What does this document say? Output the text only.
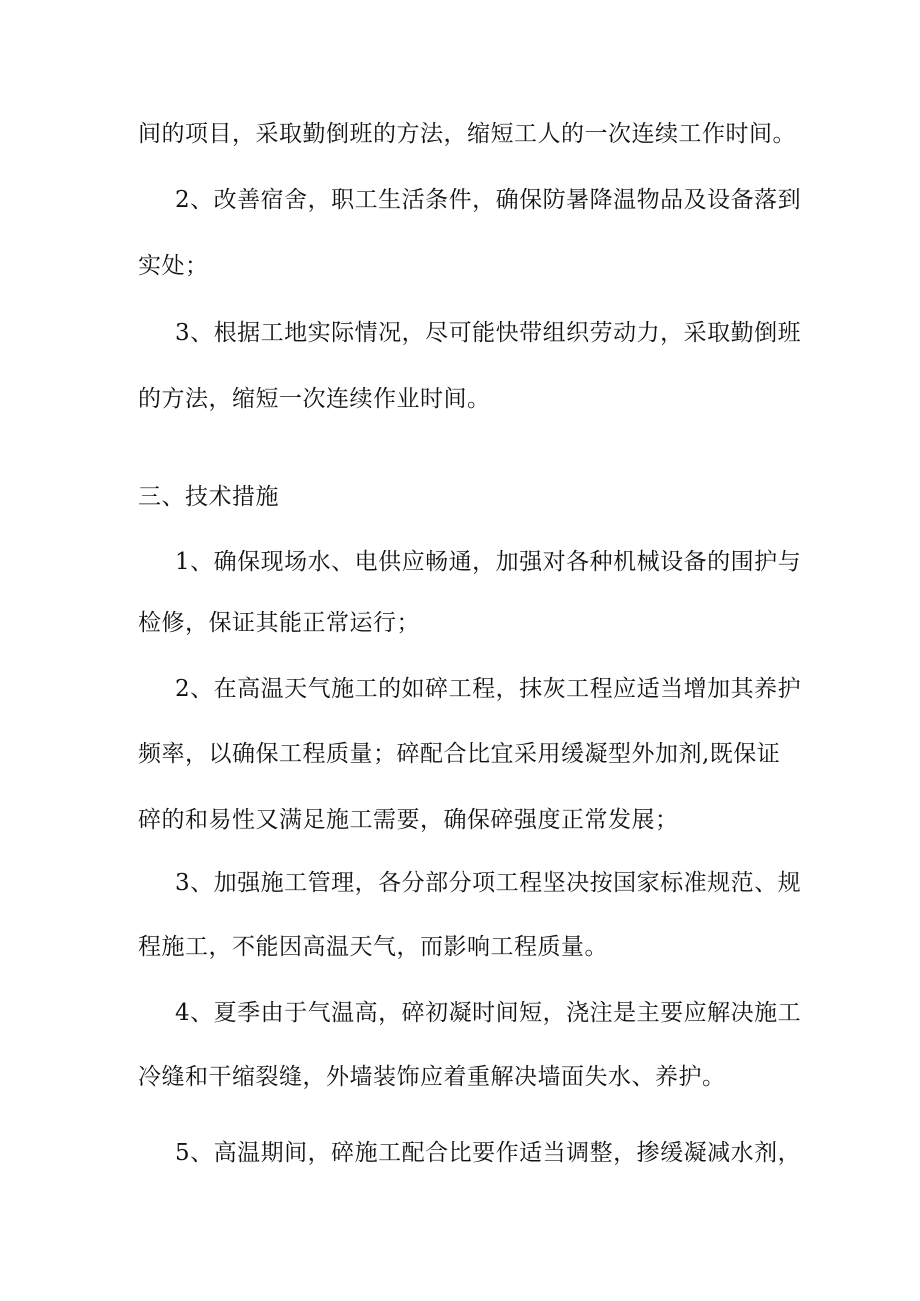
间的项目，采取勤倒班的方法，缩短工人的一次连续工作时间。
2、改善宿舍，职工生活条件，确保防暑降温物品及设备落到
实处；
3、根据工地实际情况，尽可能快带组织劳动力，采取勤倒班
的方法，缩短一次连续作业时间。
三、技术措施
1、确保现场水、电供应畅通，加强对各种机械设备的围护与
检修，保证其能正常运行；
2、在高温天气施工的如碎工程，抹灰工程应适当增加其养护
频率，以确保工程质量；碎配合比宜采用缓凝型外加剂,既保证
碎的和易性又满足施工需要，确保碎强度正常发展；
3、加强施工管理，各分部分项工程坚决按国家标准规范、规
程施工，不能因高温天气，而影响工程质量。
4、夏季由于气温高，碎初凝时间短，浇注是主要应解决施工
冷缝和干缩裂缝，外墙装饰应着重解决墙面失水、养护。
5、高温期间，碎施工配合比要作适当调整，掺缓凝减水剂，
